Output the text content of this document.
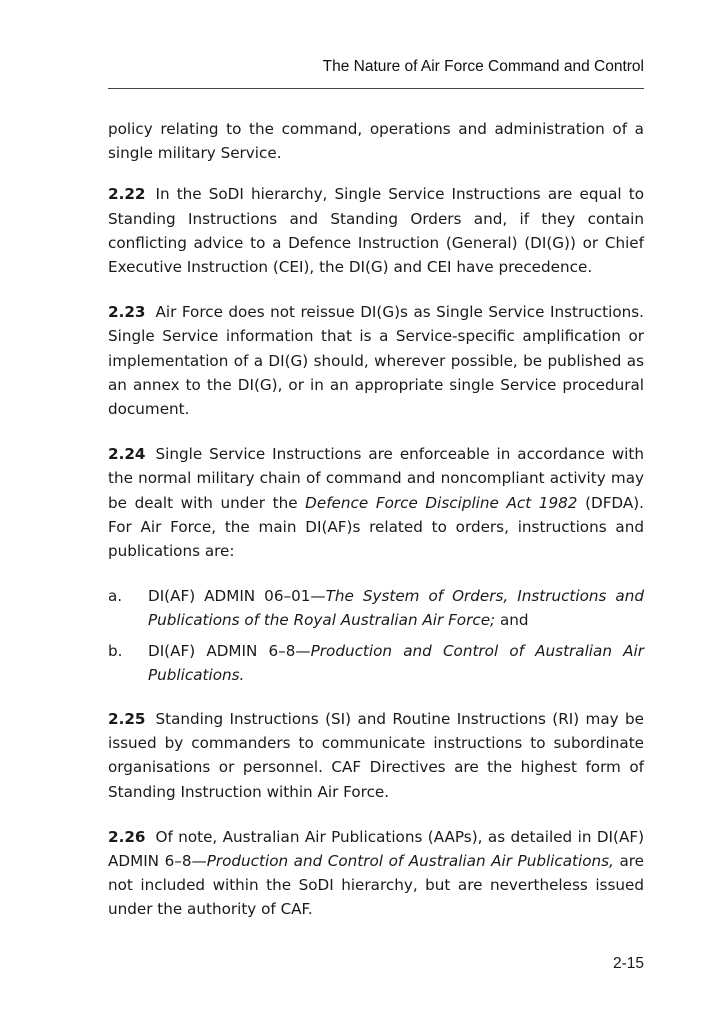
The Nature of Air Force Command and Control

policy relating to the command, operations and administration of a single military Service.

2.22 In the SoDI hierarchy, Single Service Instructions are equal to Standing Instructions and Standing Orders and, if they contain conflicting advice to a Defence Instruction (General) (DI(G)) or Chief Executive Instruction (CEI), the DI(G) and CEI have precedence.

2.23 Air Force does not reissue DI(G)s as Single Service Instructions. Single Service information that is a Service-specific amplification or implementation of a DI(G) should, wherever possible, be published as an annex to the DI(G), or in an appropriate single Service procedural document.

2.24 Single Service Instructions are enforceable in accordance with the normal military chain of command and noncompliant activity may be dealt with under the Defence Force Discipline Act 1982 (DFDA). For Air Force, the main DI(AF)s related to orders, instructions and publications are:

a.	DI(AF) ADMIN 06–01—The System of Orders, Instructions and Publications of the Royal Australian Air Force; and
b.	DI(AF) ADMIN 6–8—Production and Control of Australian Air Publications.

2.25 Standing Instructions (SI) and Routine Instructions (RI) may be issued by commanders to communicate instructions to subordinate organisations or personnel. CAF Directives are the highest form of Standing Instruction within Air Force.

2.26 Of note, Australian Air Publications (AAPs), as detailed in DI(AF) ADMIN 6–8—Production and Control of Australian Air Publications, are not included within the SoDI hierarchy, but are nevertheless issued under the authority of CAF.

2-15
